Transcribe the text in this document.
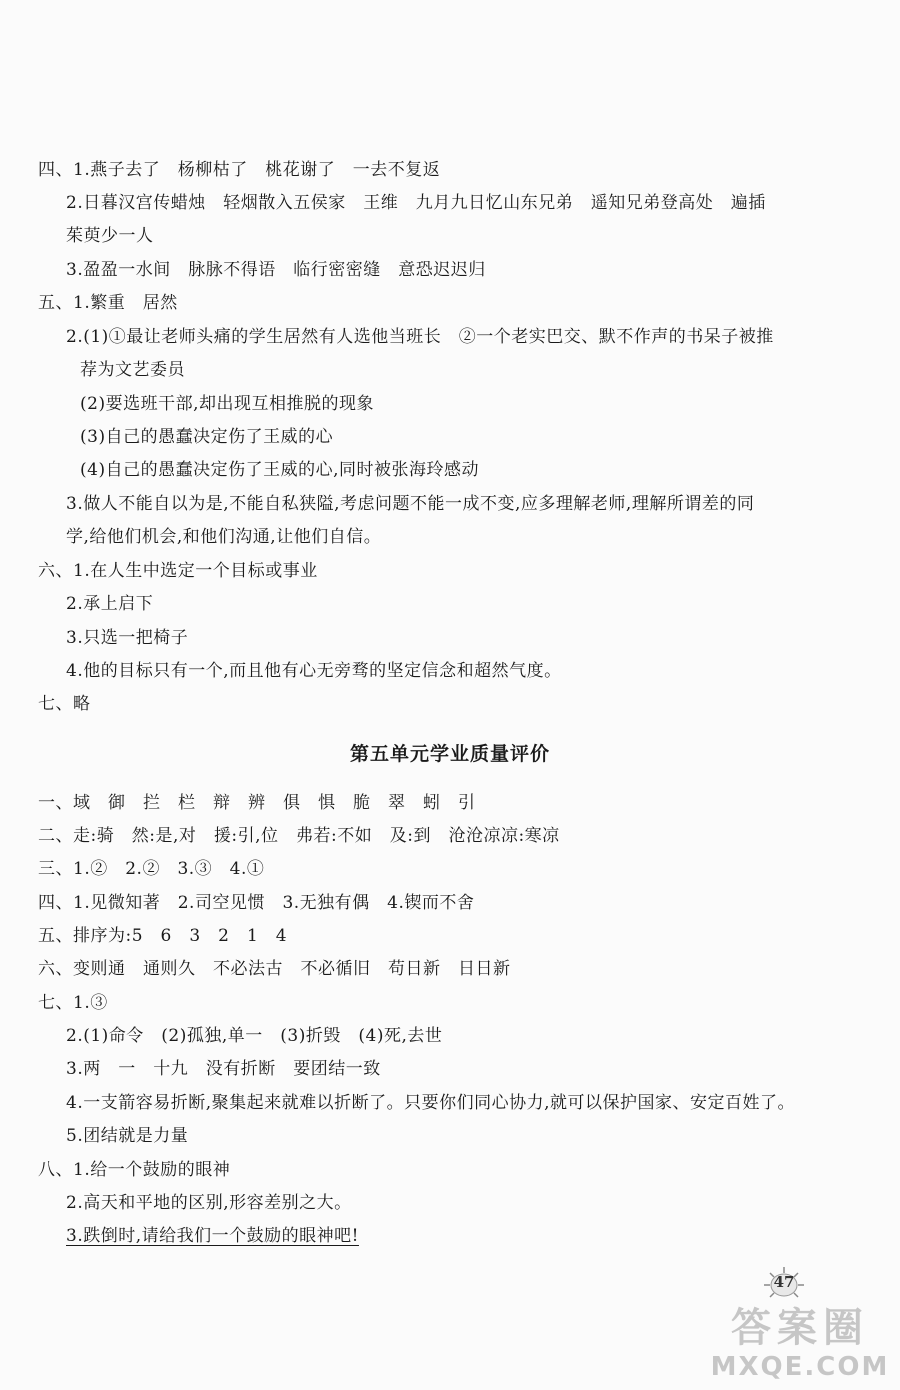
四、1.燕子去了　杨柳枯了　桃花谢了　一去不复返
2.日暮汉宫传蜡烛　轻烟散入五侯家　王维　九月九日忆山东兄弟　遥知兄弟登高处　遍插
茱萸少一人
3.盈盈一水间　脉脉不得语　临行密密缝　意恐迟迟归
五、1.繁重　居然
2.(1)①最让老师头痛的学生居然有人选他当班长　②一个老实巴交、默不作声的书呆子被推
荐为文艺委员
(2)要选班干部,却出现互相推脱的现象
(3)自己的愚蠢决定伤了王威的心
(4)自己的愚蠢决定伤了王威的心,同时被张海玲感动
3.做人不能自以为是,不能自私狭隘,考虑问题不能一成不变,应多理解老师,理解所谓差的同
学,给他们机会,和他们沟通,让他们自信。
六、1.在人生中选定一个目标或事业
2.承上启下
3.只选一把椅子
4.他的目标只有一个,而且他有心无旁骛的坚定信念和超然气度。
七、略
第五单元学业质量评价
一、域　御　拦　栏　辩　辨　俱　惧　脆　翠　蚓　引
二、走:骑　然:是,对　援:引,位　弗若:不如　及:到　沧沧凉凉:寒凉
三、1.②　2.②　3.③　4.①
四、1.见微知著　2.司空见惯　3.无独有偶　4.锲而不舍
五、排序为:5　6　3　2　1　4
六、变则通　通则久　不必法古　不必循旧　苟日新　日日新
七、1.③
2.(1)命令　(2)孤独,单一　(3)折毁　(4)死,去世
3.两　一　十九　没有折断　要团结一致
4.一支箭容易折断,聚集起来就难以折断了。只要你们同心协力,就可以保护国家、安定百姓了。
5.团结就是力量
八、1.给一个鼓励的眼神
2.高天和平地的区别,形容差别之大。
3.跌倒时,请给我们一个鼓励的眼神吧!
47
答案圈
MXQE.COM
